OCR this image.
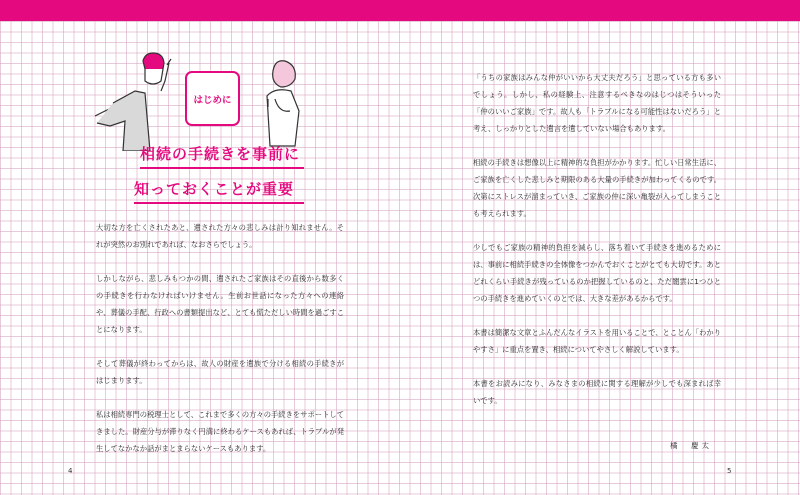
はじめに
相続の手続きを事前に
知っておくことが重要

大切な方を亡くされたあと、遺された方々の悲しみは計り知れません。それが突然のお別れであれば、なおさらでしょう。

しかしながら、悲しみもつかの間、遺されたご家族はその直後から数多くの手続きを行わなければいけません。生前お世話になった方々への連絡や、葬儀の手配、行政への書類提出など、とても慌ただしい時間を過ごすことになります。

そして葬儀が終わってからは、故人の財産を遺族で分ける相続の手続きがはじまります。

私は相続専門の税理士として、これまで多くの方々の手続きをサポートしてきました。財産分与が滞りなく円満に終わるケースもあれば、トラブルが発生してなかなか話がまとまらないケースもあります。

4

「うちの家族はみんな仲がいいから大丈夫だろう」と思っている方も多いでしょう。しかし、私の経験上、注意するべきなのはじつはそういった「仲のいいご家族」です。故人も「トラブルになる可能性はないだろう」と考え、しっかりとした遺言を遺していない場合もあります。

相続の手続きは想像以上に精神的な負担がかかります。忙しい日常生活に、ご家族を亡くした悲しみと期限のある大量の手続きが加わってくるのです。次第にストレスが溜まっていき、ご家族の仲に深い亀裂が入ってしまうことも考えられます。

少しでもご家族の精神的負担を減らし、落ち着いて手続きを進めるためには、事前に相続手続きの全体像をつかんでおくことがとても大切です。あとどれくらい手続きが残っているのか把握しているのと、ただ闇雲に1つひとつの手続きを進めていくのとでは、大きな差があるからです。

本書は簡潔な文章とふんだんなイラストを用いることで、とことん「わかりやすさ」に重点を置き、相続についてやさしく解説しています。

本書をお読みになり、みなさまの相続に関する理解が少しでも深まれば幸いです。

橘　慶太
5
